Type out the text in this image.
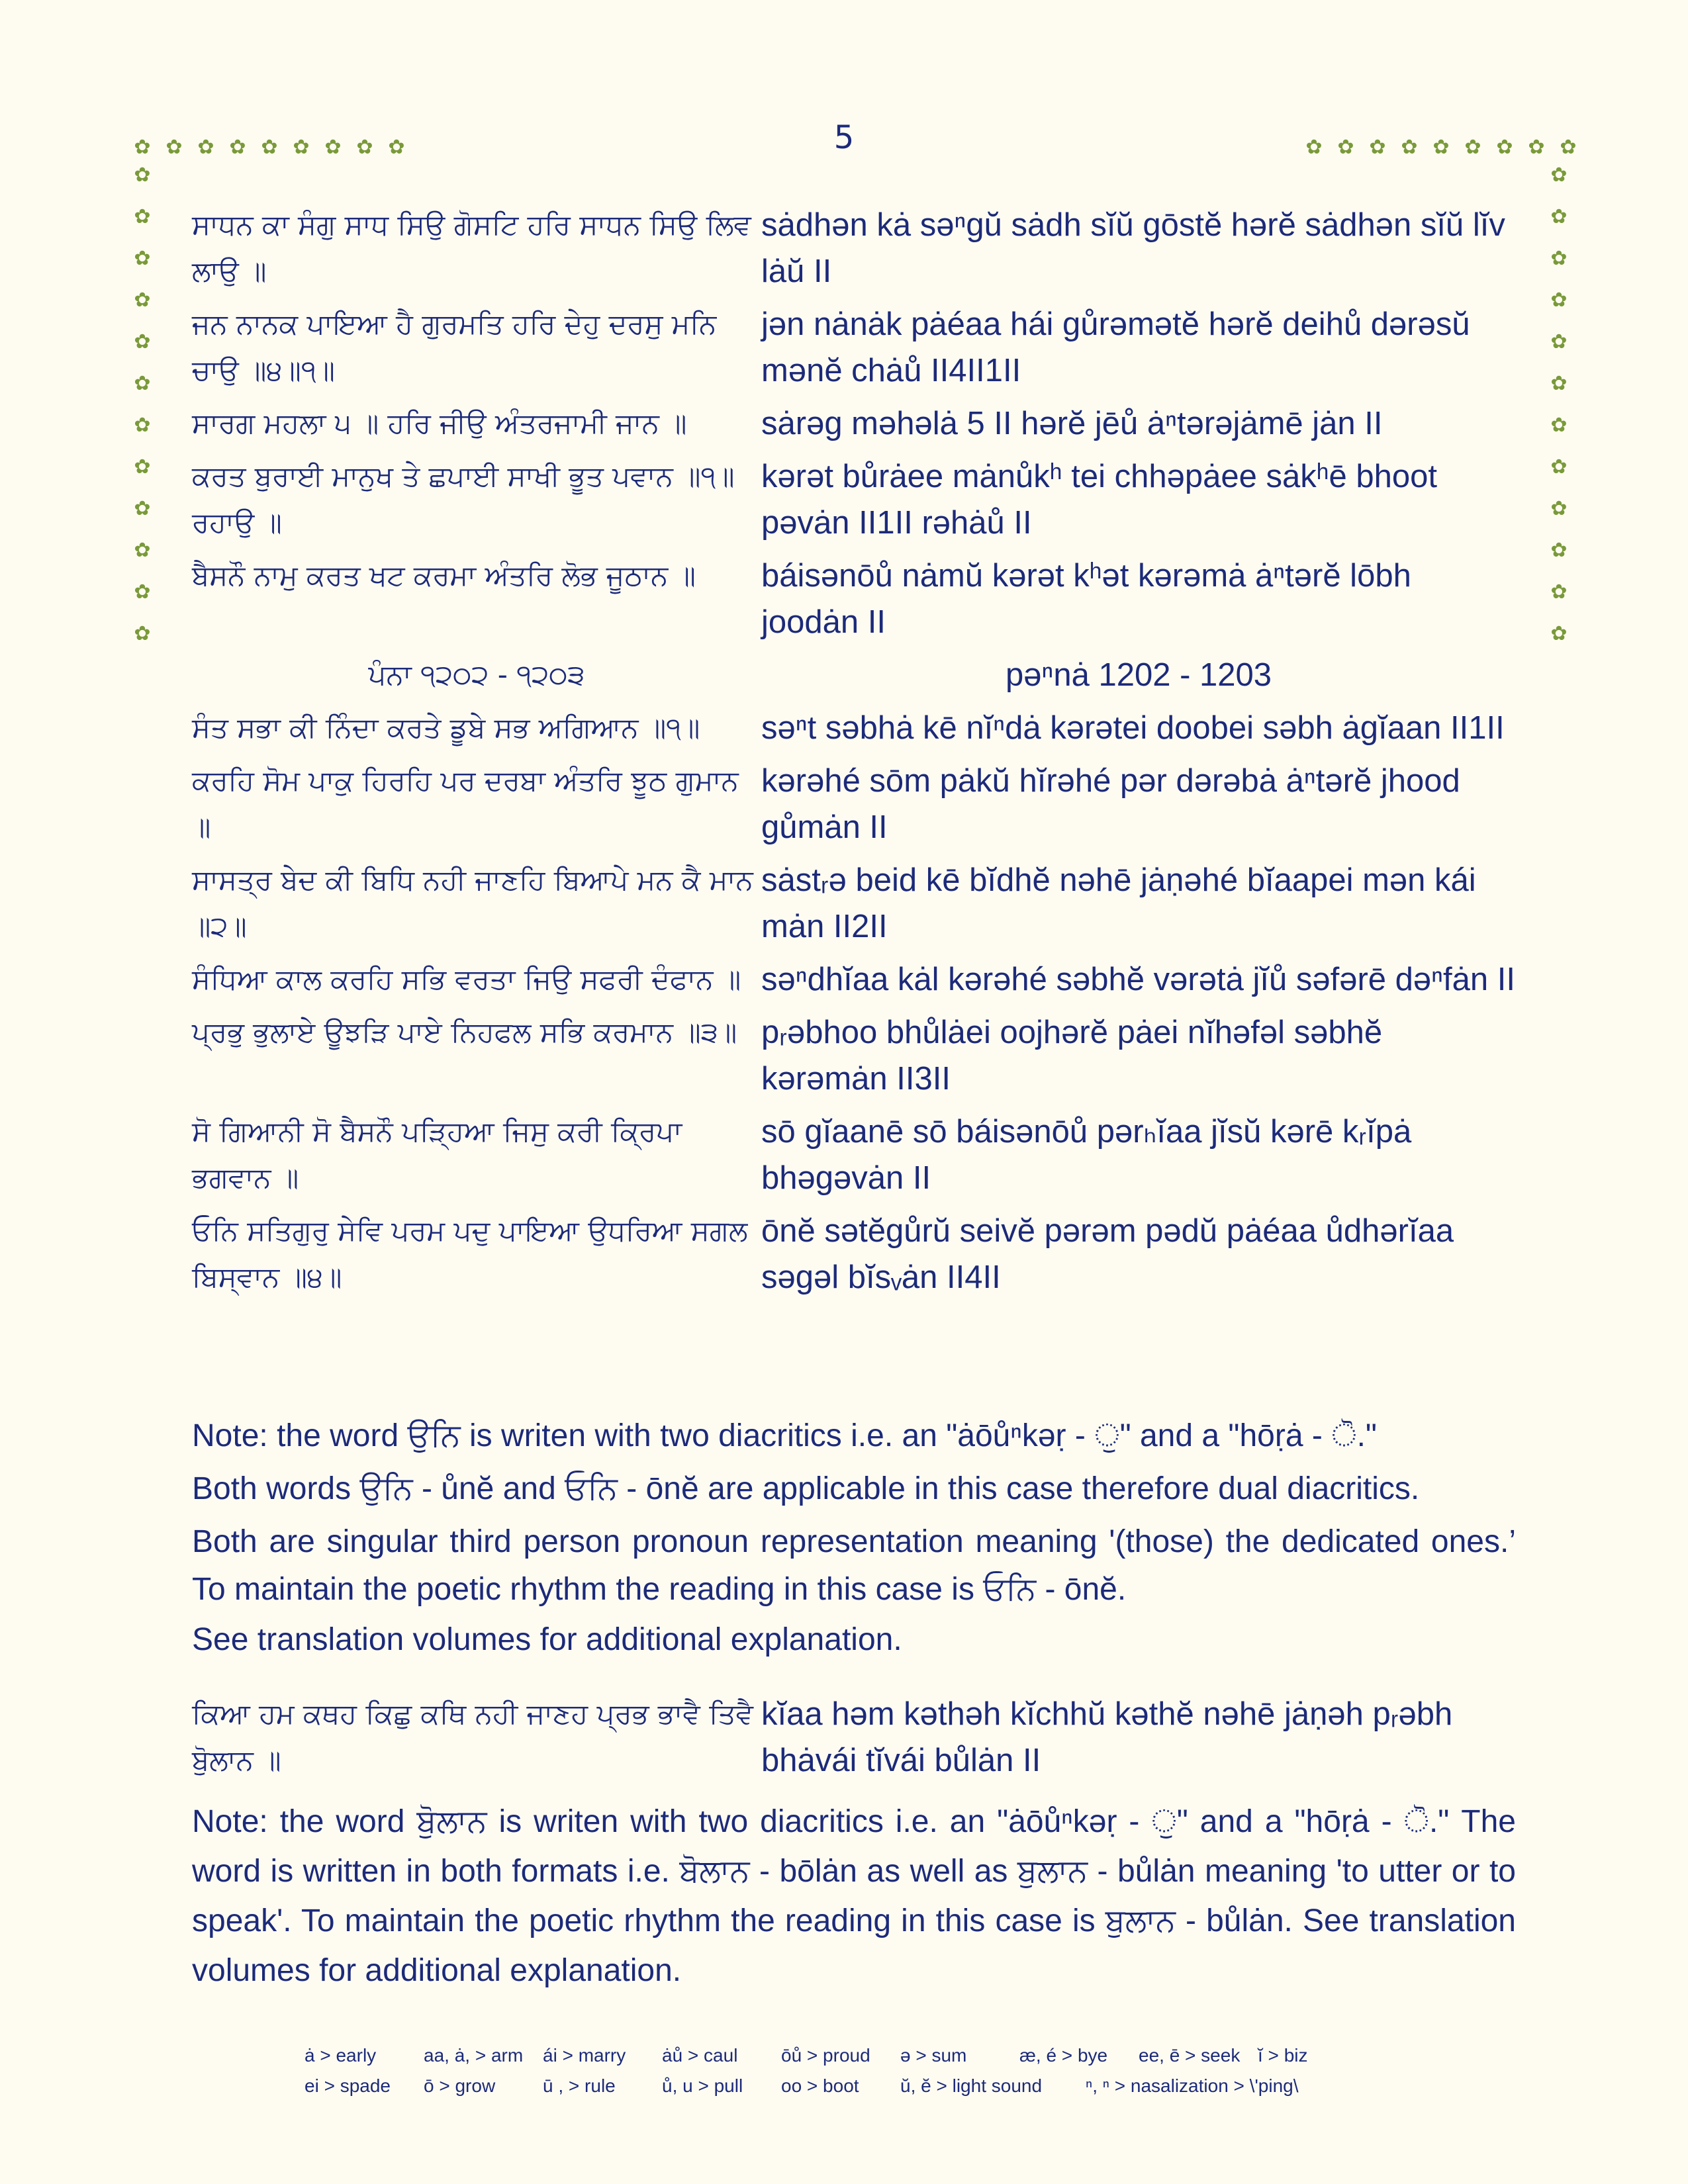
5
✿ ✿ ✿ ✿ ✿ ✿ ✿ ✿ ✿	✿ ✿ ✿ ✿ ✿ ✿ ✿ ✿ ✿
✿
✿
✿
✿
✿
✿
✿
✿
✿
✿
✿
✿
✿
✿
✿
✿
✿
✿
✿
✿
✿
✿
✿
✿
ਸਾਧਨ ਕਾ ਸੰਗੁ ਸਾਧ ਸਿਉ ਗੋਸਟਿ ਹਰਿ ਸਾਧਨ ਸਿਉ ਲਿਵ ਲਾਉ ॥
sȧdhən kȧ səⁿgŭ sȧdh sĭŭ gōstĕ hərĕ sȧdhən sĭŭ lĭv lȧŭ II
ਜਨ ਨਾਨਕ ਪਾਇਆ ਹੈ ਗੁਰਮਤਿ ਹਰਿ ਦੇਹੁ ਦਰਸੁ ਮਨਿ ਚਾਉ ॥੪॥੧॥
jən nȧnȧk pȧéaa hái gůrəmətĕ hərĕ deihů dərəsŭ mənĕ chȧů II4II1II
ਸਾਰਗ ਮਹਲਾ ੫ ॥ ਹਰਿ ਜੀਉ ਅੰਤਰਜਾਮੀ ਜਾਨ ॥	sȧrəg məhəlȧ 5 II hərĕ jēů ȧⁿtərəjȧmē jȧn II
ਕਰਤ ਬੁਰਾਈ ਮਾਨੁਖ ਤੇ ਛਪਾਈ ਸਾਖੀ ਭੂਤ ਪਵਾਨ ॥੧॥ ਰਹਾਉ ॥
kərət bůrȧee mȧnůkʰ tei chhəpȧee sȧkʰē bhoot pəvȧn II1II rəhȧů II
ਬੈਸਨੌ ਨਾਮੁ ਕਰਤ ਖਟ ਕਰਮਾ ਅੰਤਰਿ ਲੋਭ ਜੂਠਾਨ ॥	báisənōů nȧmŭ kərət kʰət kərəmȧ ȧⁿtərĕ lōbh joodȧn II
ਪੰਨਾ ੧੨੦੨ - ੧੨੦੩	pəⁿnȧ 1202 - 1203
ਸੰਤ ਸਭਾ ਕੀ ਨਿੰਦਾ ਕਰਤੇ ਡੂਬੇ ਸਭ ਅਗਿਆਨ ॥੧॥	səⁿt səbhȧ kē nĭⁿdȧ kərətei doobei səbh ȧgĭaan II1II
ਕਰਹਿ ਸੋਮ ਪਾਕੁ ਹਿਰਹਿ ਪਰ ਦਰਬਾ ਅੰਤਰਿ ਝੂਠ ਗੁਮਾਨ ॥
kərəhé sōm pȧkŭ hĭrəhé pər dərəbȧ ȧⁿtərĕ jhood gůmȧn II
ਸਾਸਤ੍ਰ ਬੇਦ ਕੀ ਬਿਧਿ ਨਹੀ ਜਾਣਹਿ ਬਿਆਪੇ ਮਨ ਕੈ ਮਾਨ ॥੨॥
sȧstᵣə beid kē bĭdhĕ nəhē jȧṇəhé bĭaapei mən kái mȧn II2II
ਸੰਧਿਆ ਕਾਲ ਕਰਹਿ ਸਭਿ ਵਰਤਾ ਜਿਉ ਸਫਰੀ ਦੰਫਾਨ ॥ səⁿdhĭaa kȧl kərəhé səbhĕ vərətȧ jĭů səfərē dəⁿfȧn II
ਪ੍ਰਭੁ ਭੁਲਾਏ ਊਝੜਿ ਪਾਏ ਨਿਹਫਲ ਸਭਿ ਕਰਮਾਨ ॥੩॥ pᵣəbhoo bhůlȧei oojhərĕ pȧei nĭhəfəl səbhĕ kərəmȧn II3II
ਸੋ ਗਿਆਨੀ ਸੋ ਬੈਸਨੌ ਪੜ੍ਹਿਆ ਜਿਸੁ ਕਰੀ ਕ੍ਰਿਪਾ ਭਗਵਾਨ ॥
sō gĭaanē sō báisənōů pərₕĭaa jĭsŭ kərē kᵣĭpȧ bhəgəvȧn II
ਓਨਿ ਸਤਿਗੁਰੁ ਸੇਵਿ ਪਰਮ ਪਦੁ ਪਾਇਆ ਉਧਰਿਆ ਸਗਲ ਬਿਸ੍ਵਾਨ ॥੪॥
ōnĕ sətĕgůrŭ seivĕ pərəm pədŭ pȧéaa ůdhərĭaa səgəl bĭsᵥȧn II4II

Note: the word ਉਨਿ is writen with two diacritics i.e. an "ȧōůⁿkəṛ - ੁ" and a "hōṛȧ - ੋ."

Both words ਉਨਿ - ůnĕ and ਓਨਿ - ōnĕ are applicable in this case therefore dual diacritics.

Both are singular third person pronoun representation meaning '(those) the dedicated ones.’ To maintain the poetic rhythm the reading in this case is ਓਨਿ - ōnĕ.

See translation volumes for additional explanation.

ਕਿਆ ਹਮ ਕਥਹ ਕਿਛੁ ਕਥਿ ਨਹੀ ਜਾਣਹ ਪ੍ਰਭ ਭਾਵੈ ਤਿਵੈ ਬੁੋਲਾਨ ॥
kĭaa həm kəthəh kĭchhŭ kəthĕ nəhē jȧṇəh pᵣəbh bhȧvái tĭvái bůlȧn II

Note: the word ਬੁੋਲਾਨ is writen with two diacritics i.e. an "ȧōůⁿkəṛ - ੁ" and a "hōṛȧ - ੋ." The word is written in both formats i.e. ਬੋਲਾਨ - bōlȧn as well as ਬੁਲਾਨ - bůlȧn meaning 'to utter or to speak'. To maintain the poetic rhythm the reading in this case is ਬੁਲਾਨ - bůlȧn. See translation volumes for additional explanation.

ȧ > early	aa, ȧ, > arm	ái > marry	ȧů > caul	ōů > proud	ə > sum	æ, é > bye	ee, ē > seek ĭ > biz
ei > spade	ō > grow	ū , > rule	ů, u > pull	oo > boot	ŭ, ĕ > light sound	ⁿ, ⁿ > nasalization > \'ping\
